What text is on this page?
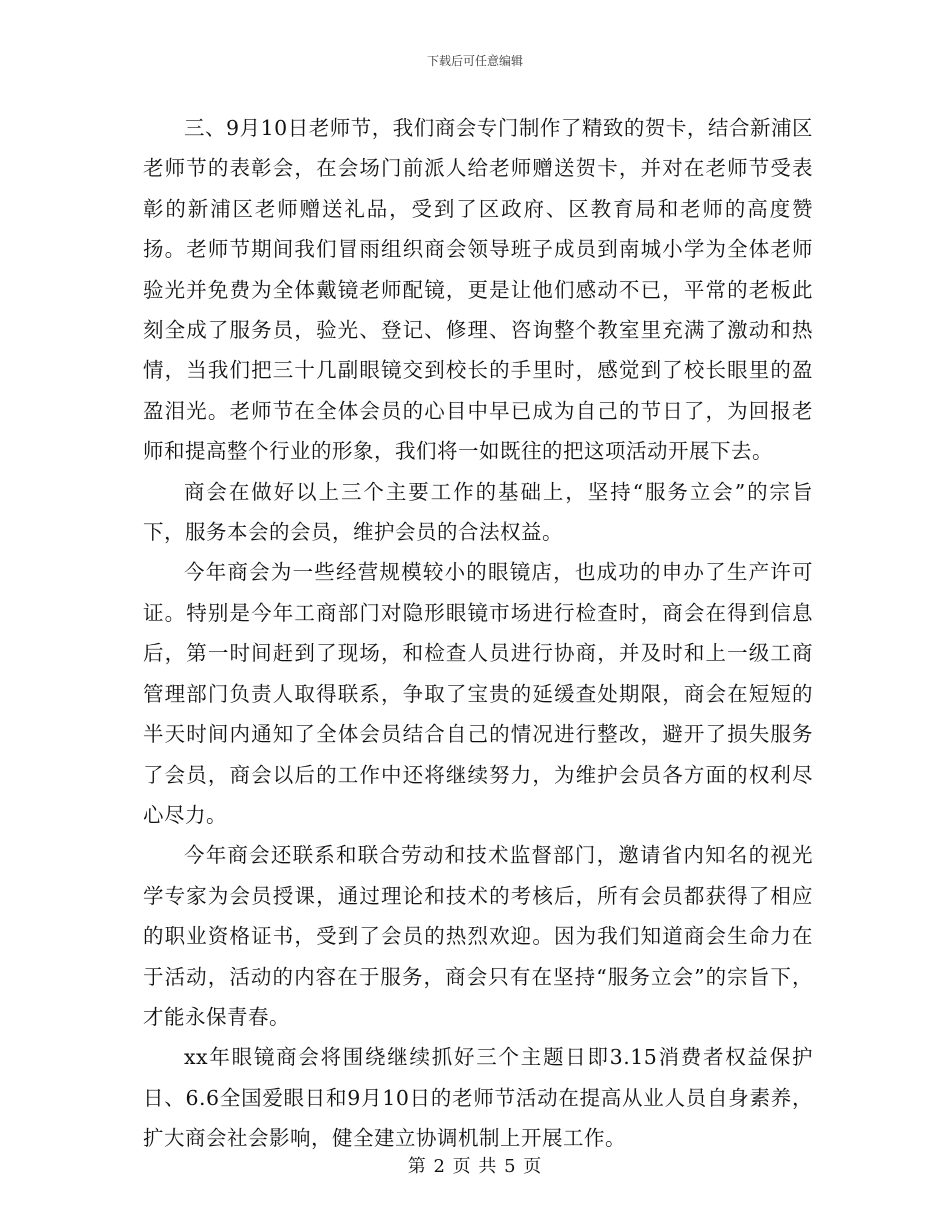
下载后可任意编辑

三、9月10日老师节，我们商会专门制作了精致的贺卡，结合新浦区老师节的表彰会，在会场门前派人给老师赠送贺卡，并对在老师节受表彰的新浦区老师赠送礼品，受到了区政府、区教育局和老师的高度赞扬。老师节期间我们冒雨组织商会领导班子成员到南城小学为全体老师验光并免费为全体戴镜老师配镜，更是让他们感动不已，平常的老板此刻全成了服务员，验光、登记、修理、咨询整个教室里充满了激动和热情，当我们把三十几副眼镜交到校长的手里时，感觉到了校长眼里的盈盈泪光。老师节在全体会员的心目中早已成为自己的节日了，为回报老师和提高整个行业的形象，我们将一如既往的把这项活动开展下去。

商会在做好以上三个主要工作的基础上，坚持“服务立会”的宗旨下，服务本会的会员，维护会员的合法权益。

今年商会为一些经营规模较小的眼镜店，也成功的申办了生产许可证。特别是今年工商部门对隐形眼镜市场进行检查时，商会在得到信息后，第一时间赶到了现场，和检查人员进行协商，并及时和上一级工商管理部门负责人取得联系，争取了宝贵的延缓查处期限，商会在短短的半天时间内通知了全体会员结合自己的情况进行整改，避开了损失服务了会员，商会以后的工作中还将继续努力，为维护会员各方面的权利尽心尽力。

今年商会还联系和联合劳动和技术监督部门，邀请省内知名的视光学专家为会员授课，通过理论和技术的考核后，所有会员都获得了相应的职业资格证书，受到了会员的热烈欢迎。因为我们知道商会生命力在于活动，活动的内容在于服务，商会只有在坚持“服务立会”的宗旨下，才能永保青春。

xx年眼镜商会将围绕继续抓好三个主题日即3.15消费者权益保护日、6.6全国爱眼日和9月10日的老师节活动在提高从业人员自身素养，扩大商会社会影响，健全建立协调机制上开展工作。

第 2 页 共 5 页
